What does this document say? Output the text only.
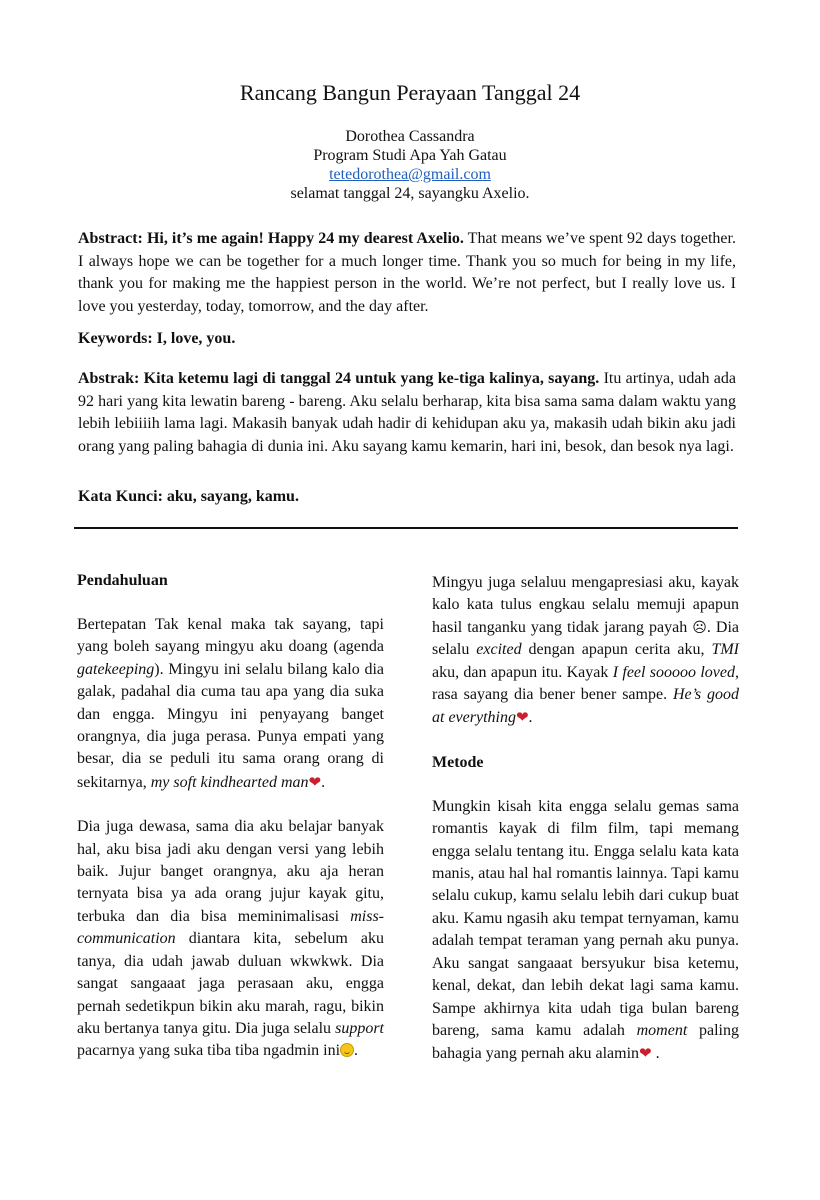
Rancang Bangun Perayaan Tanggal 24
Dorothea Cassandra
Program Studi Apa Yah Gatau
tetedorothea@gmail.com
selamat tanggal 24, sayangku Axelio.
Abstract: Hi, it’s me again! Happy 24 my dearest Axelio. That means we’ve spent 92 days together. I always hope we can be together for a much longer time. Thank you so much for being in my life, thank you for making me the happiest person in the world. We’re not perfect, but I really love us. I love you yesterday, today, tomorrow, and the day after.
Keywords: I, love, you.
Abstrak: Kita ketemu lagi di tanggal 24 untuk yang ke-tiga kalinya, sayang. Itu artinya, udah ada 92 hari yang kita lewatin bareng - bareng. Aku selalu berharap, kita bisa sama sama dalam waktu yang lebih lebiiiih lama lagi. Makasih banyak udah hadir di kehidupan aku ya, makasih udah bikin aku jadi orang yang paling bahagia di dunia ini. Aku sayang kamu kemarin, hari ini, besok, dan besok nya lagi.
Kata Kunci: aku, sayang, kamu.
Pendahuluan

Bertepatan Tak kenal maka tak sayang, tapi yang boleh sayang mingyu aku doang (agenda gatekeeping). Mingyu ini selalu bilang kalo dia galak, padahal dia cuma tau apa yang dia suka dan engga. Mingyu ini penyayang banget orangnya, dia juga perasa. Punya empati yang besar, dia se peduli itu sama orang orang di sekitarnya, my soft kindhearted man❤.

Dia juga dewasa, sama dia aku belajar banyak hal, aku bisa jadi aku dengan versi yang lebih baik. Jujur banget orangnya, aku aja heran ternyata bisa ya ada orang jujur kayak gitu, terbuka dan dia bisa meminimalisasi miss-communication diantara kita, sebelum aku tanya, dia udah jawab duluan wkwkwk. Dia sangat sangaaat jaga perasaan aku, engga pernah sedetikpun bikin aku marah, ragu, bikin aku bertanya tanya gitu. Dia juga selalu support pacarnya yang suka tiba tiba ngadmin ini .

Mingyu juga selaluu mengapresiasi aku, kayak kalo kata tulus engkau selalu memuji apapun hasil tanganku yang tidak jarang payah ☹. Dia selalu excited dengan apapun cerita aku, TMI aku, dan apapun itu. Kayak I feel sooooo loved, rasa sayang dia bener bener sampe. He’s good at everything❤.

Metode

Mungkin kisah kita engga selalu gemas sama romantis kayak di film film, tapi memang engga selalu tentang itu. Engga selalu kata kata manis, atau hal hal romantis lainnya. Tapi kamu selalu cukup, kamu selalu lebih dari cukup buat aku. Kamu ngasih aku tempat ternyaman, kamu adalah tempat teraman yang pernah aku punya. Aku sangat sangaaat bersyukur bisa ketemu, kenal, dekat, dan lebih dekat lagi sama kamu. Sampe akhirnya kita udah tiga bulan bareng bareng, sama kamu adalah moment paling bahagia yang pernah aku alamin❤ .
